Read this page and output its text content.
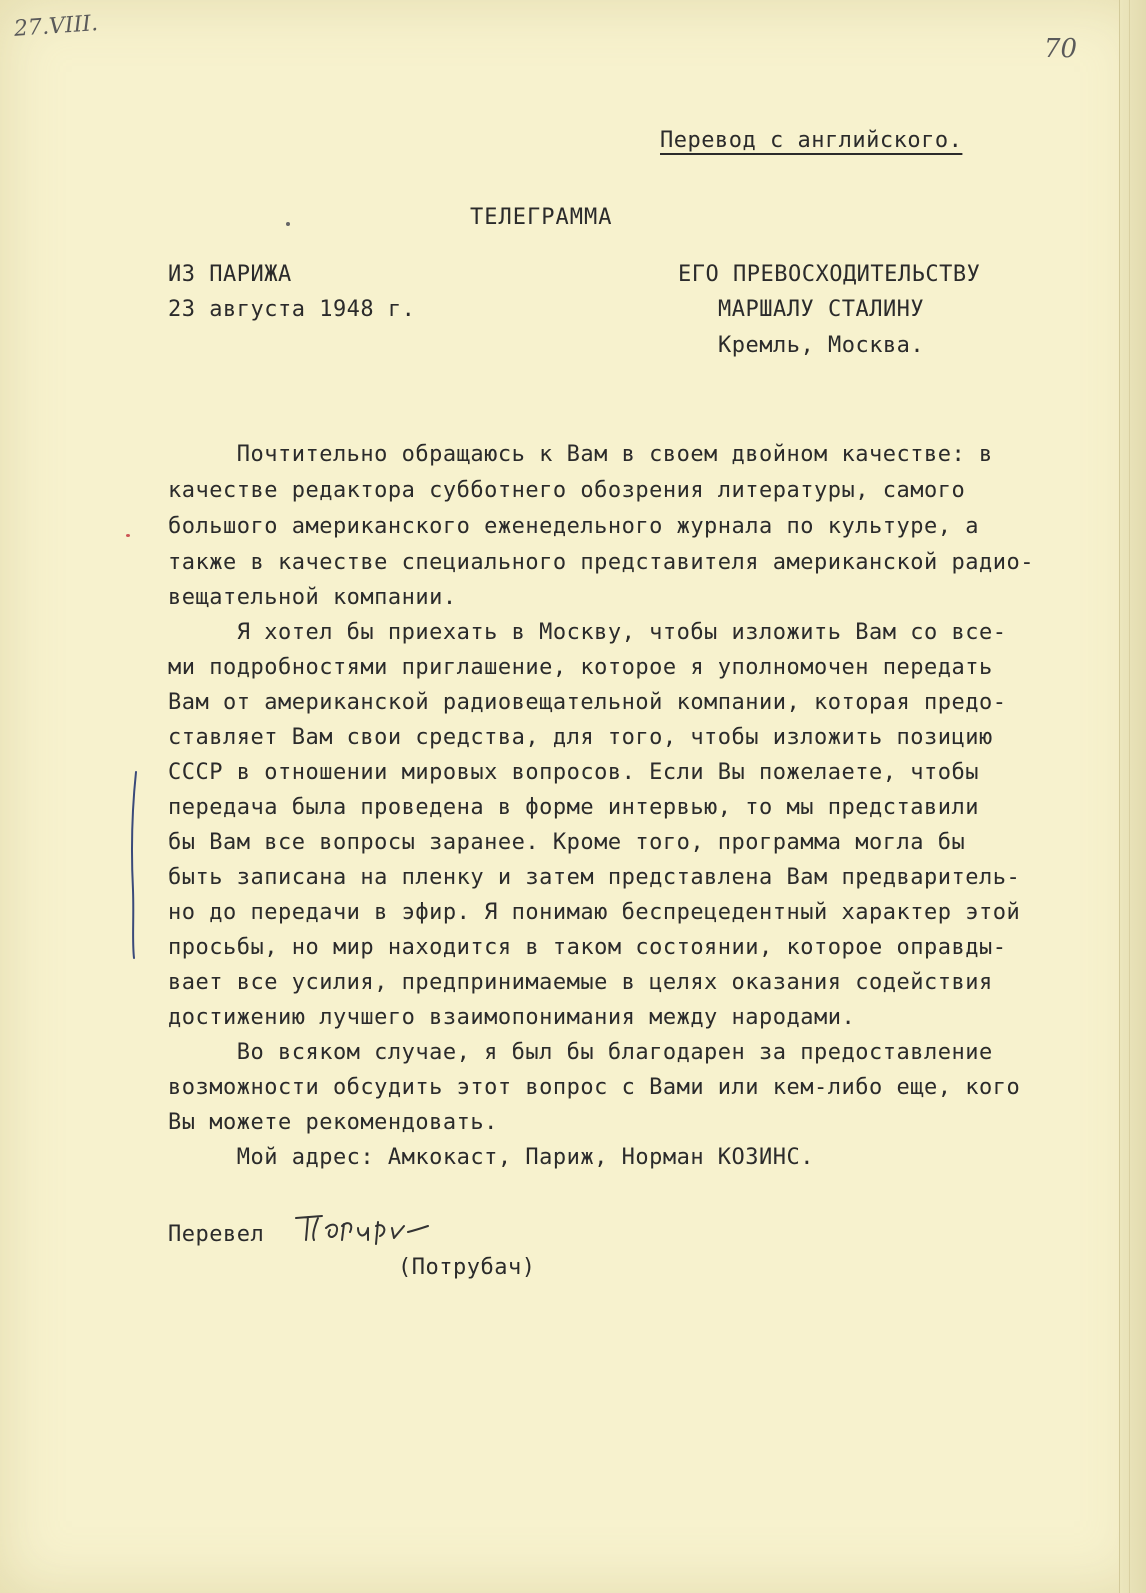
27.VIII.
70
Перевод с английского.
ТЕЛЕГРАММА
ИЗ ПАРИЖА
23 августа 1948 г.
ЕГО ПРЕВОСХОДИТЕЛЬСТВУ
МАРШАЛУ СТАЛИНУ
Кремль, Москва.
Почтительно обращаюсь к Вам в своем двойном качестве: в
качестве редактора субботнего обозрения литературы, самого
большого американского еженедельного журнала по культуре, а
также в качестве специального представителя американской радио-
вещательной компании.
Я хотел бы приехать в Москву, чтобы изложить Вам со все-
ми подробностями приглашение, которое я уполномочен передать
Вам от американской радиовещательной компании, которая предо-
ставляет Вам свои средства, для того, чтобы изложить позицию
СССР в отношении мировых вопросов. Если Вы пожелаете, чтобы
передача была проведена в форме интервью, то мы представили
бы Вам все вопросы заранее. Кроме того, программа могла бы
быть записана на пленку и затем представлена Вам предваритель-
но до передачи в эфир. Я понимаю беспрецедентный характер этой
просьбы, но мир находится в таком состоянии, которое оправды-
вает все усилия, предпринимаемые в целях оказания содействия
достижению лучшего взаимопонимания между народами.
Во всяком случае, я был бы благодарен за предоставление
возможности обсудить этот вопрос с Вами или кем-либо еще, кого
Вы можете рекомендовать.
Мой адрес: Амкокаст, Париж, Норман КОЗИНС.
Перевел
(Потрубач)
